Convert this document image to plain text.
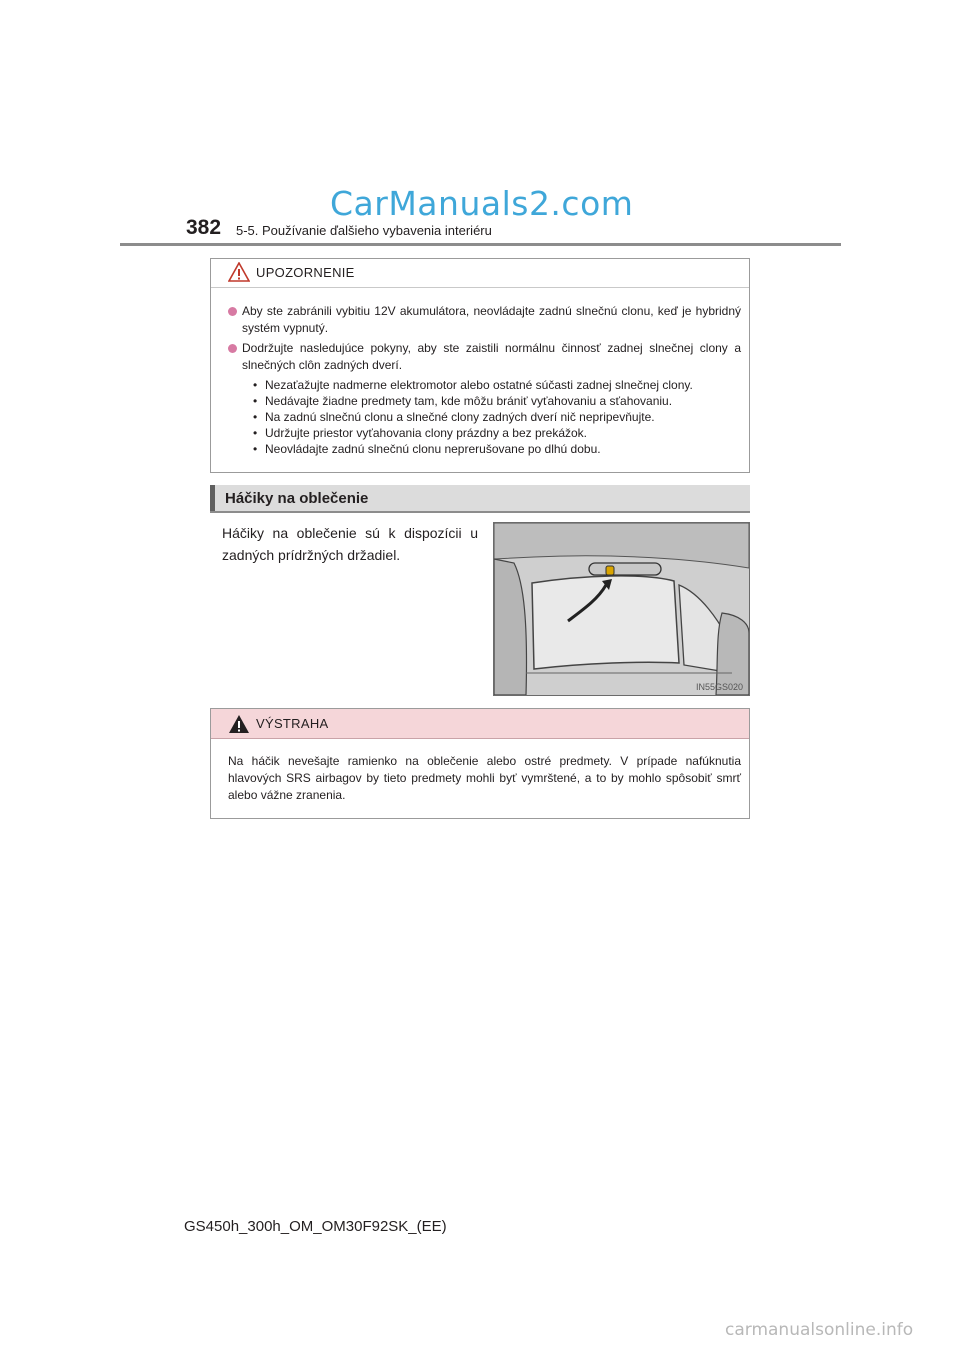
CarManuals2.com
382 5-5. Používanie ďalšieho vybavenia interiéru
UPOZORNENIE
Aby ste zabránili vybitiu 12V akumulátora, neovládajte zadnú slnečnú clonu, keď je hybridný systém vypnutý.
Dodržujte nasledujúce pokyny, aby ste zaistili normálnu činnosť zadnej slnečnej clony a slnečných clôn zadných dverí.
• Nezaťažujte nadmerne elektromotor alebo ostatné súčasti zadnej slnečnej clony.
• Nedávajte žiadne predmety tam, kde môžu brániť vyťahovaniu a sťahovaniu.
• Na zadnú slnečnú clonu a slnečné clony zadných dverí nič nepripevňujte.
• Udržujte priestor vyťahovania clony prázdny a bez prekážok.
• Neovládajte zadnú slnečnú clonu neprerušovane po dlhú dobu.
Háčiky na oblečenie
Háčiky na oblečenie sú k dispozícii u zadných prídržných držadiel.
IN55GS020
VÝSTRAHA
Na háčik nevešajte ramienko na oblečenie alebo ostré predmety. V prípade nafúknutia hlavových SRS airbagov by tieto predmety mohli byť vymrštené, a to by mohlo spôsobiť smrť alebo vážne zranenia.
GS450h_300h_OM_OM30F92SK_(EE)
carmanualsonline.info
